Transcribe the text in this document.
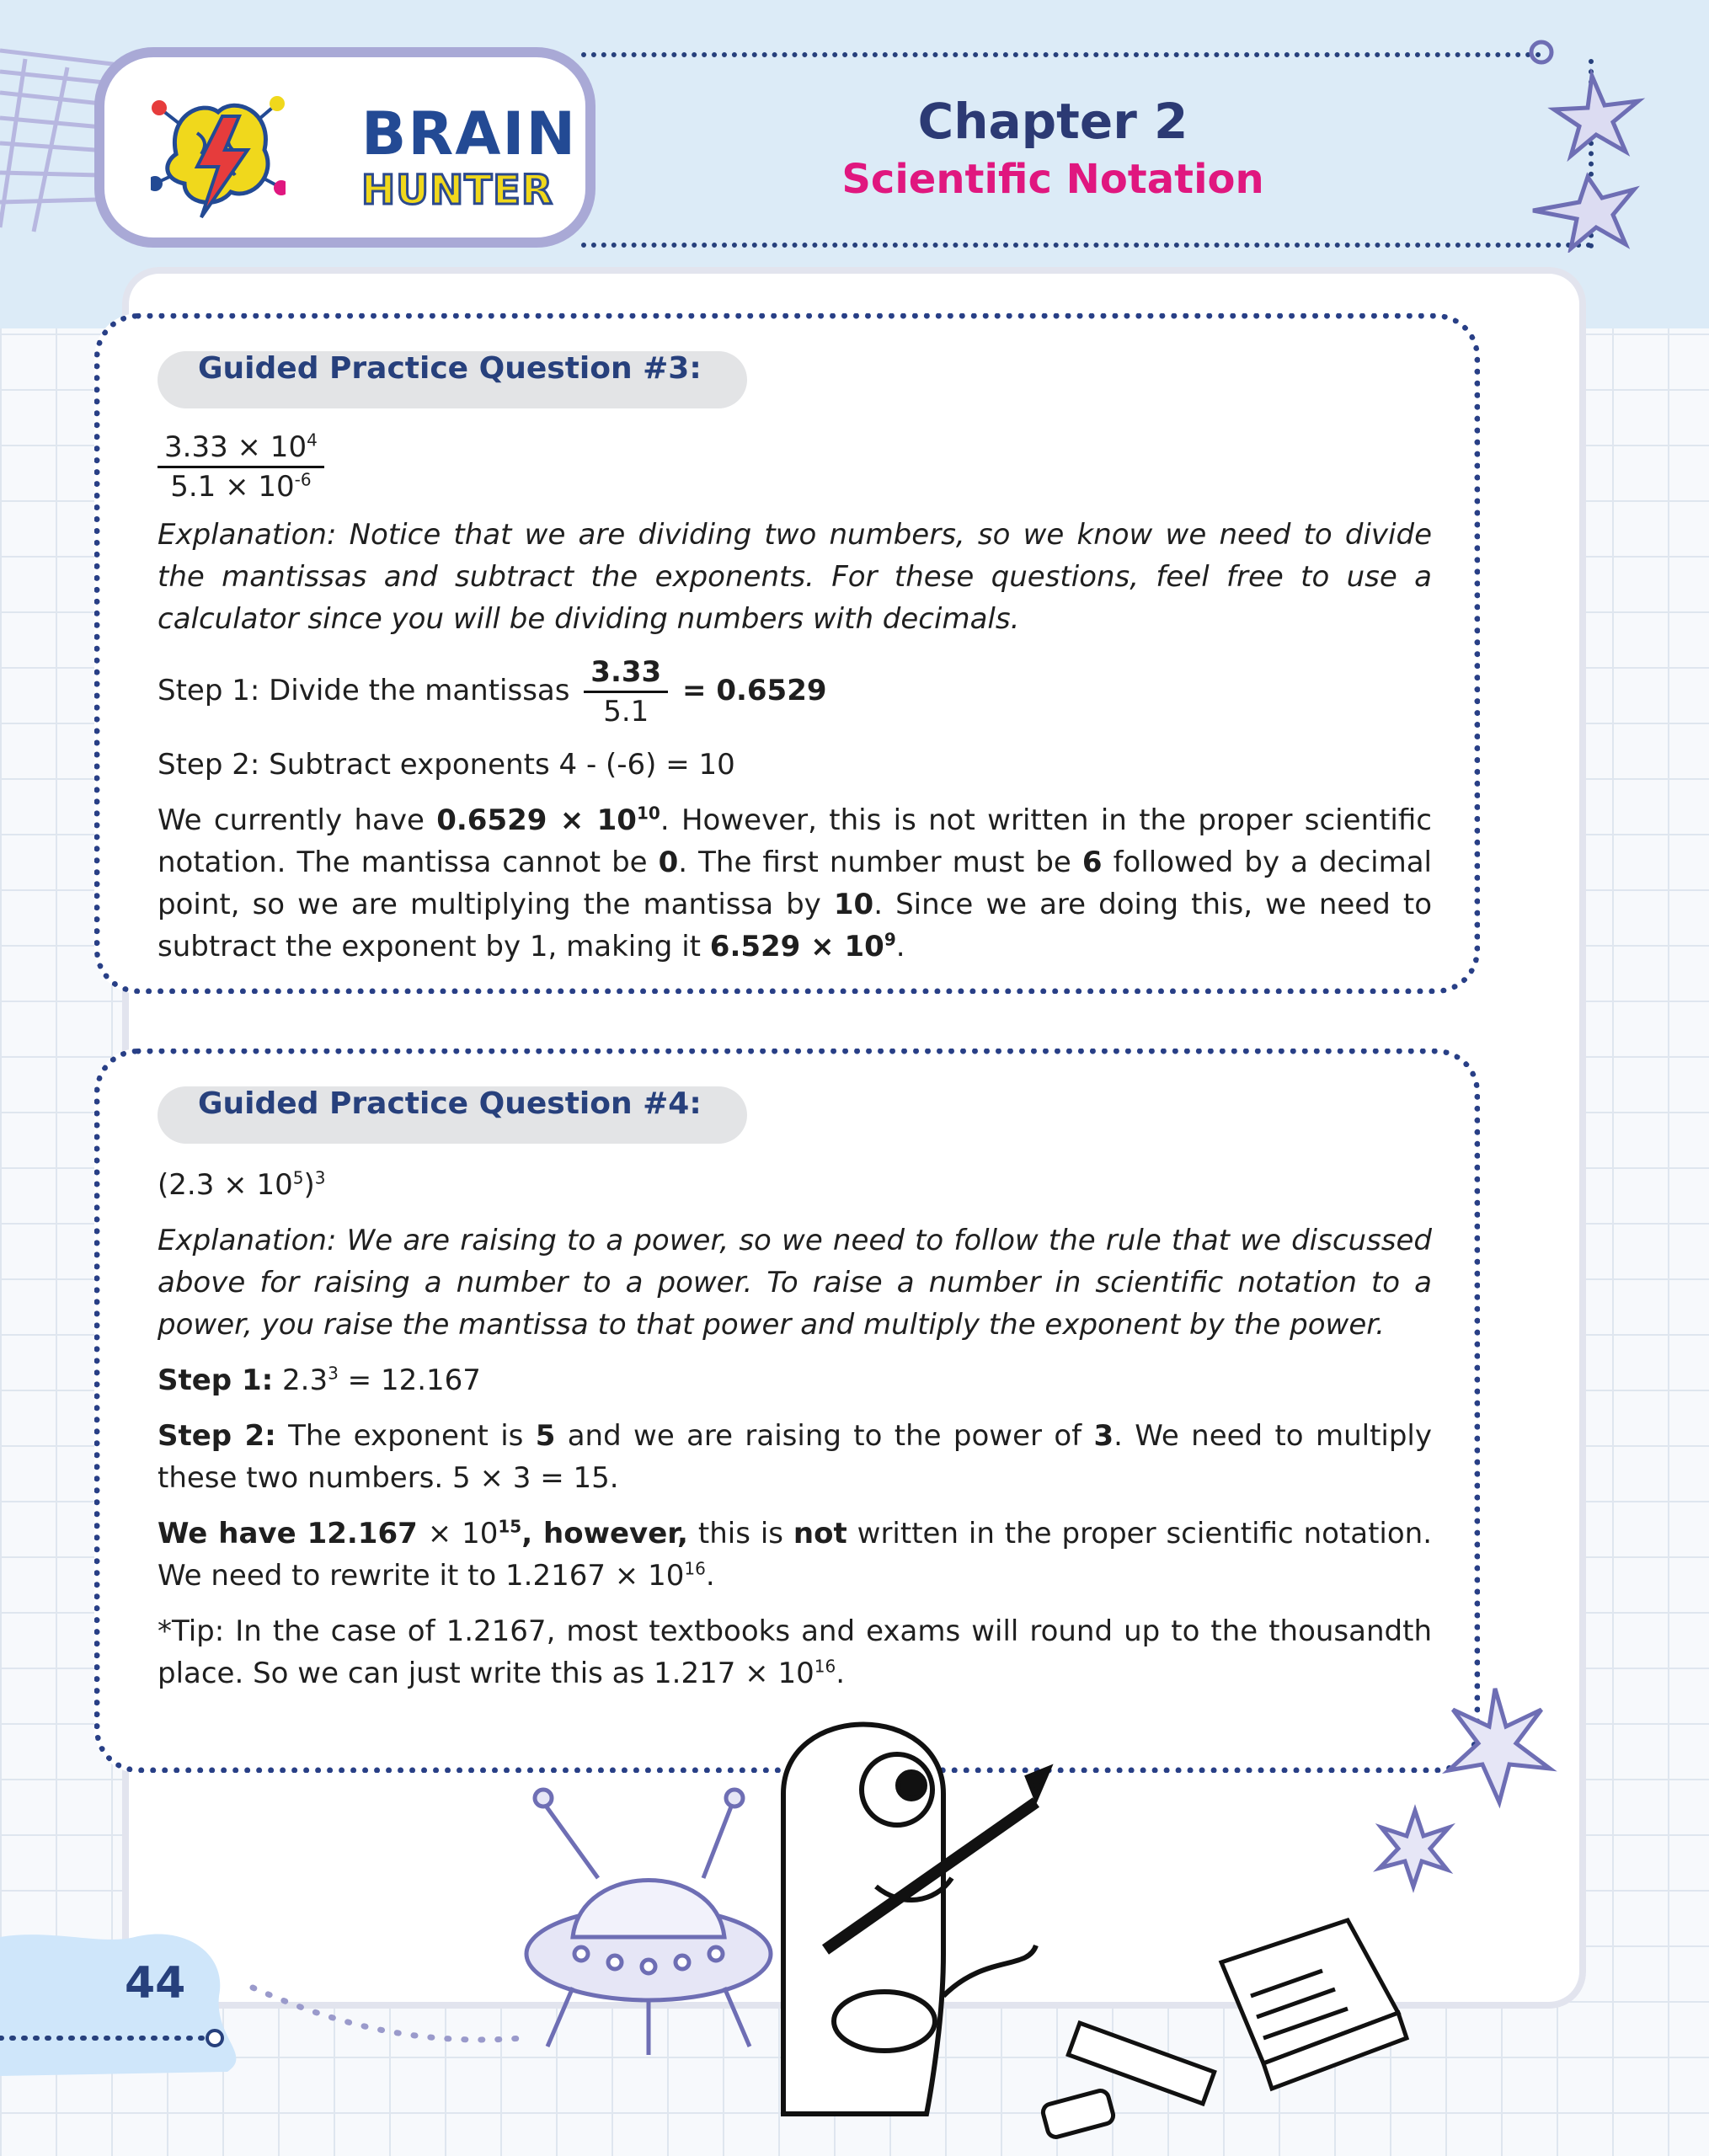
BRAIN
HUNTER
Chapter 2
Scientific Notation
Guided Practice Question #3:

$\frac{3.33 \times 10^4}{5.1 \times 10^{-6}}$

Explanation: Notice that we are dividing two numbers, so we know we need to divide the mantissas and subtract the exponents. For these questions, feel free to use a calculator since you will be dividing numbers with decimals.

Step 1: Divide the mantissas $\frac{3.33}{5.1} = 0.6529$

Step 2: Subtract exponents 4 - (-6) = 10

We currently have $0.6529 \times 10^{10}$. However, this is not written in the proper scientific notation. The mantissa cannot be 0. The first number must be 6 followed by a decimal point, so we are multiplying the mantissa by 10. Since we are doing this, we need to subtract the exponent by 1, making it $6.529 \times 10^9$.

Guided Practice Question #4:

$(2.3 \times 10^5)^3$

Explanation: We are raising to a power, so we need to follow the rule that we discussed above for raising a number to a power. To raise a number in scientific notation to a power, you raise the mantissa to that power and multiply the exponent by the power.

Step 1: $2.3^3 = 12.167$

Step 2: The exponent is 5 and we are raising to the power of 3. We need to multiply these two numbers. 5 × 3 = 15.

We have $12.167 \times 10^{15}$, however, this is not written in the proper scientific notation. We need to rewrite it to $1.2167 \times 10^{16}$.

*Tip: In the case of 1.2167, most textbooks and exams will round up to the thousandth place. So we can just write this as $1.217 \times 10^{16}$.

44
